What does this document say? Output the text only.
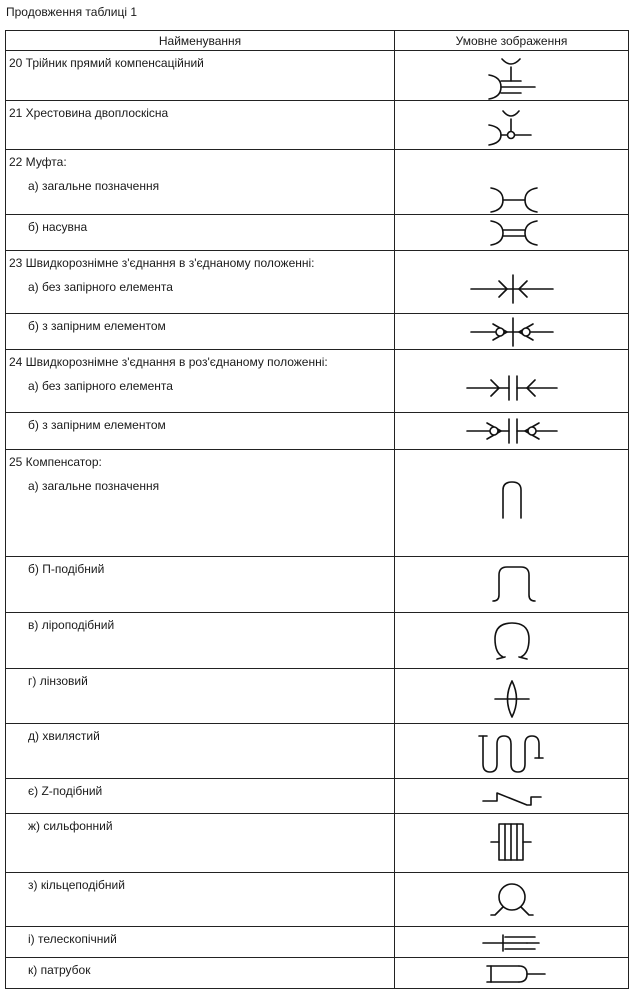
Продовження таблиці 1
Найменування	Умовне зображення

20 Трійник прямий компенсаційний

21 Хрестовина двоплоскісна

22 Муфта:
а) загальне позначення

б) насувна

23 Швидкорознімне з'єднання в з'єднаному положенні:
а) без запірного елемента

б) з запірним елементом

24 Швидкорознімне з'єднання в роз'єднаному положенні:
а) без запірного елемента

б) з запірним елементом

25 Компенсатор:
а) загальне позначення

б) П-подібний

в) ліроподібний

г) лінзовий

д) хвилястий

є) Z-подібний

ж) сильфонний

з) кільцеподібний

і) телескопічний

к) патрубок
